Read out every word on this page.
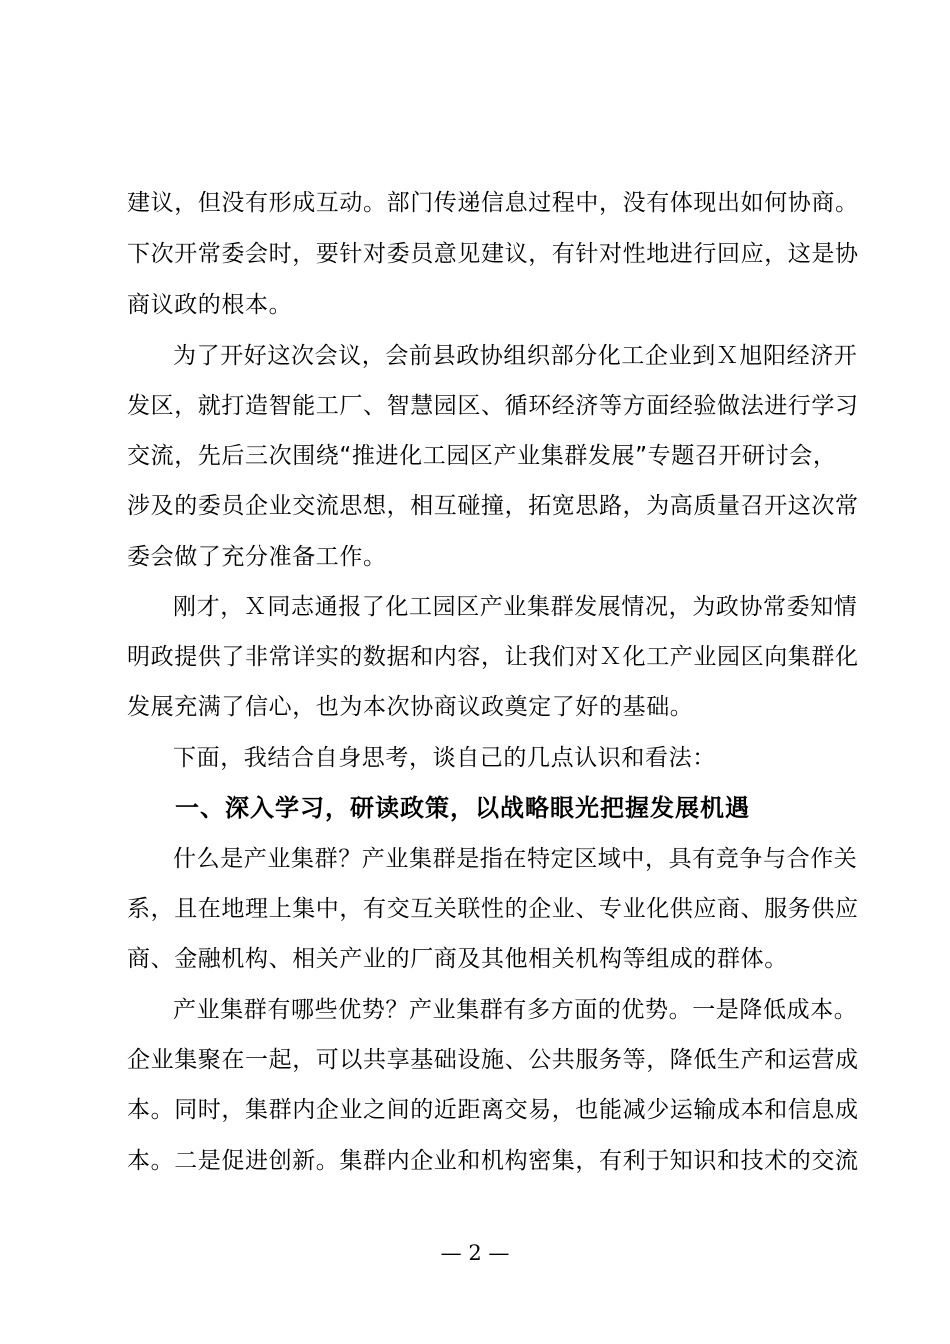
建议，但没有形成互动。部门传递信息过程中，没有体现出如何协商。
下次开常委会时，要针对委员意见建议，有针对性地进行回应，这是协
商议政的根本。
为了开好这次会议，会前县政协组织部分化工企业到Ｘ旭阳经济开
发区，就打造智能工厂、智慧园区、循环经济等方面经验做法进行学习
交流，先后三次围绕“推进化工园区产业集群发展”专题召开研讨会，
涉及的委员企业交流思想，相互碰撞，拓宽思路，为高质量召开这次常
委会做了充分准备工作。
刚才，Ｘ同志通报了化工园区产业集群发展情况，为政协常委知情
明政提供了非常详实的数据和内容，让我们对Ｘ化工产业园区向集群化
发展充满了信心，也为本次协商议政奠定了好的基础。
下面，我结合自身思考，谈自己的几点认识和看法：
一、深入学习，研读政策，以战略眼光把握发展机遇
什么是产业集群？产业集群是指在特定区域中，具有竞争与合作关
系，且在地理上集中，有交互关联性的企业、专业化供应商、服务供应
商、金融机构、相关产业的厂商及其他相关机构等组成的群体。
产业集群有哪些优势？产业集群有多方面的优势。一是降低成本。
企业集聚在一起，可以共享基础设施、公共服务等，降低生产和运营成
本。同时，集群内企业之间的近距离交易，也能减少运输成本和信息成
本。二是促进创新。集群内企业和机构密集，有利于知识和技术的交流
— 2 —
